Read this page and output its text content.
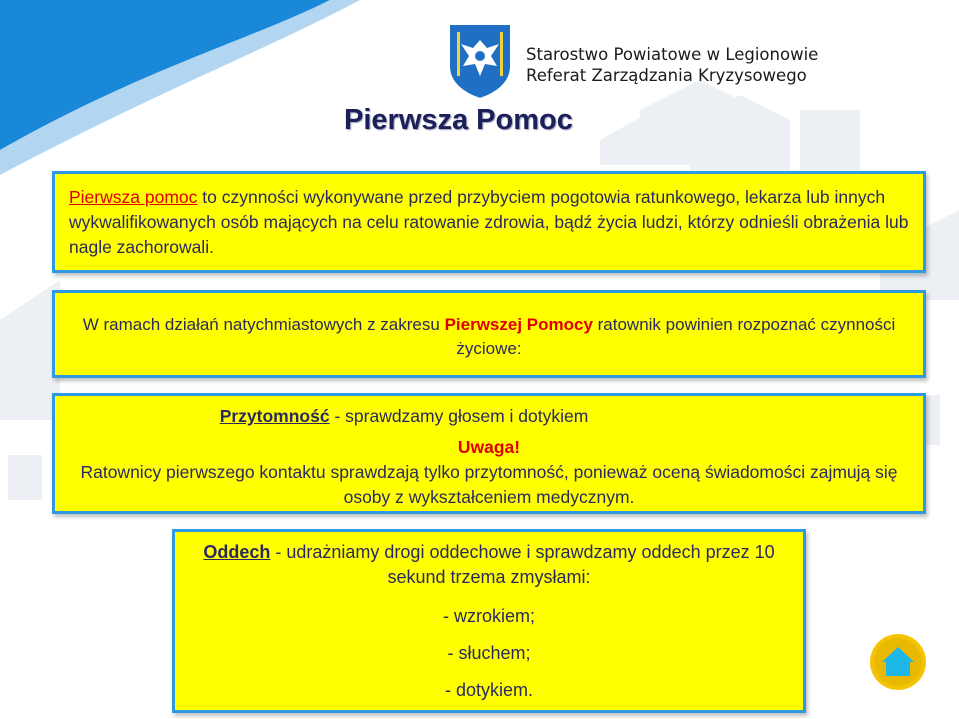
Starostwo Powiatowe w Legionowie
Referat Zarządzania Kryzysowego
Pierwsza Pomoc
Pierwsza pomoc to czynności wykonywane przed przybyciem pogotowia ratunkowego, lekarza lub innych wykwalifikowanych osób mających na celu ratowanie zdrowia, bądź życia ludzi, którzy odnieśli obrażenia lub nagle zachorowali.
W ramach działań natychmiastowych z zakresu Pierwszej Pomocy ratownik powinien rozpoznać czynności życiowe:
Przytomność - sprawdzamy głosem i dotykiem
Uwaga!
Ratownicy pierwszego kontaktu sprawdzają tylko przytomność, ponieważ oceną świadomości zajmują się osoby z wykształceniem medycznym.
Oddech - udrażniamy drogi oddechowe i sprawdzamy oddech przez 10 sekund trzema zmysłami:
- wzrokiem;
- słuchem;
- dotykiem.
